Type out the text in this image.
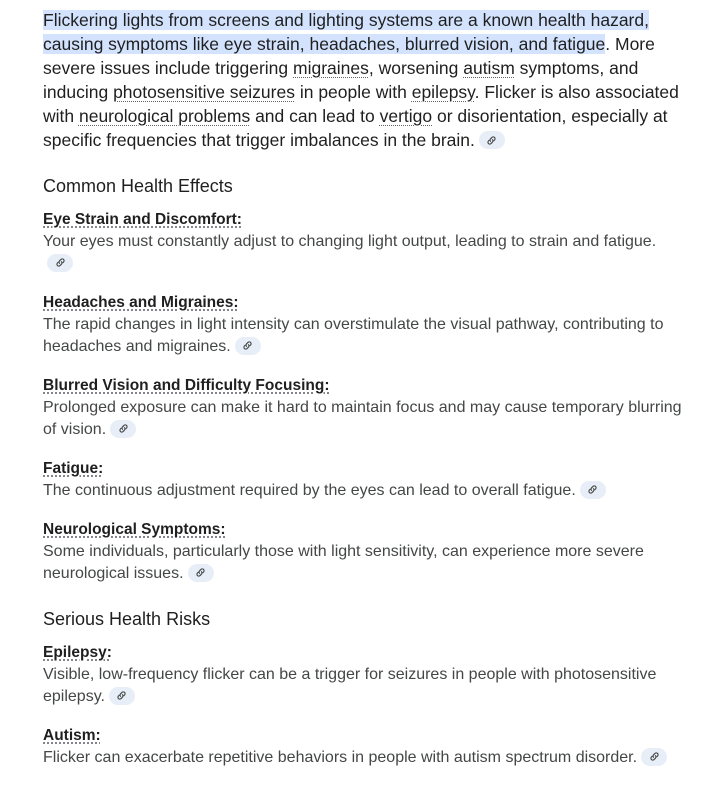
Flickering lights from screens and lighting systems are a known health hazard, causing symptoms like eye strain, headaches, blurred vision, and fatigue. More severe issues include triggering migraines, worsening autism symptoms, and inducing photosensitive seizures in people with epilepsy. Flicker is also associated with neurological problems and can lead to vertigo or disorientation, especially at specific frequencies that trigger imbalances in the brain.

Common Health Effects
Eye Strain and Discomfort:
Your eyes must constantly adjust to changing light output, leading to strain and fatigue.
Headaches and Migraines:
The rapid changes in light intensity can overstimulate the visual pathway, contributing to headaches and migraines.
Blurred Vision and Difficulty Focusing:
Prolonged exposure can make it hard to maintain focus and may cause temporary blurring of vision.
Fatigue:
The continuous adjustment required by the eyes can lead to overall fatigue.
Neurological Symptoms:
Some individuals, particularly those with light sensitivity, can experience more severe neurological issues.
Serious Health Risks
Epilepsy:
Visible, low-frequency flicker can be a trigger for seizures in people with photosensitive epilepsy.
Autism:
Flicker can exacerbate repetitive behaviors in people with autism spectrum disorder.
